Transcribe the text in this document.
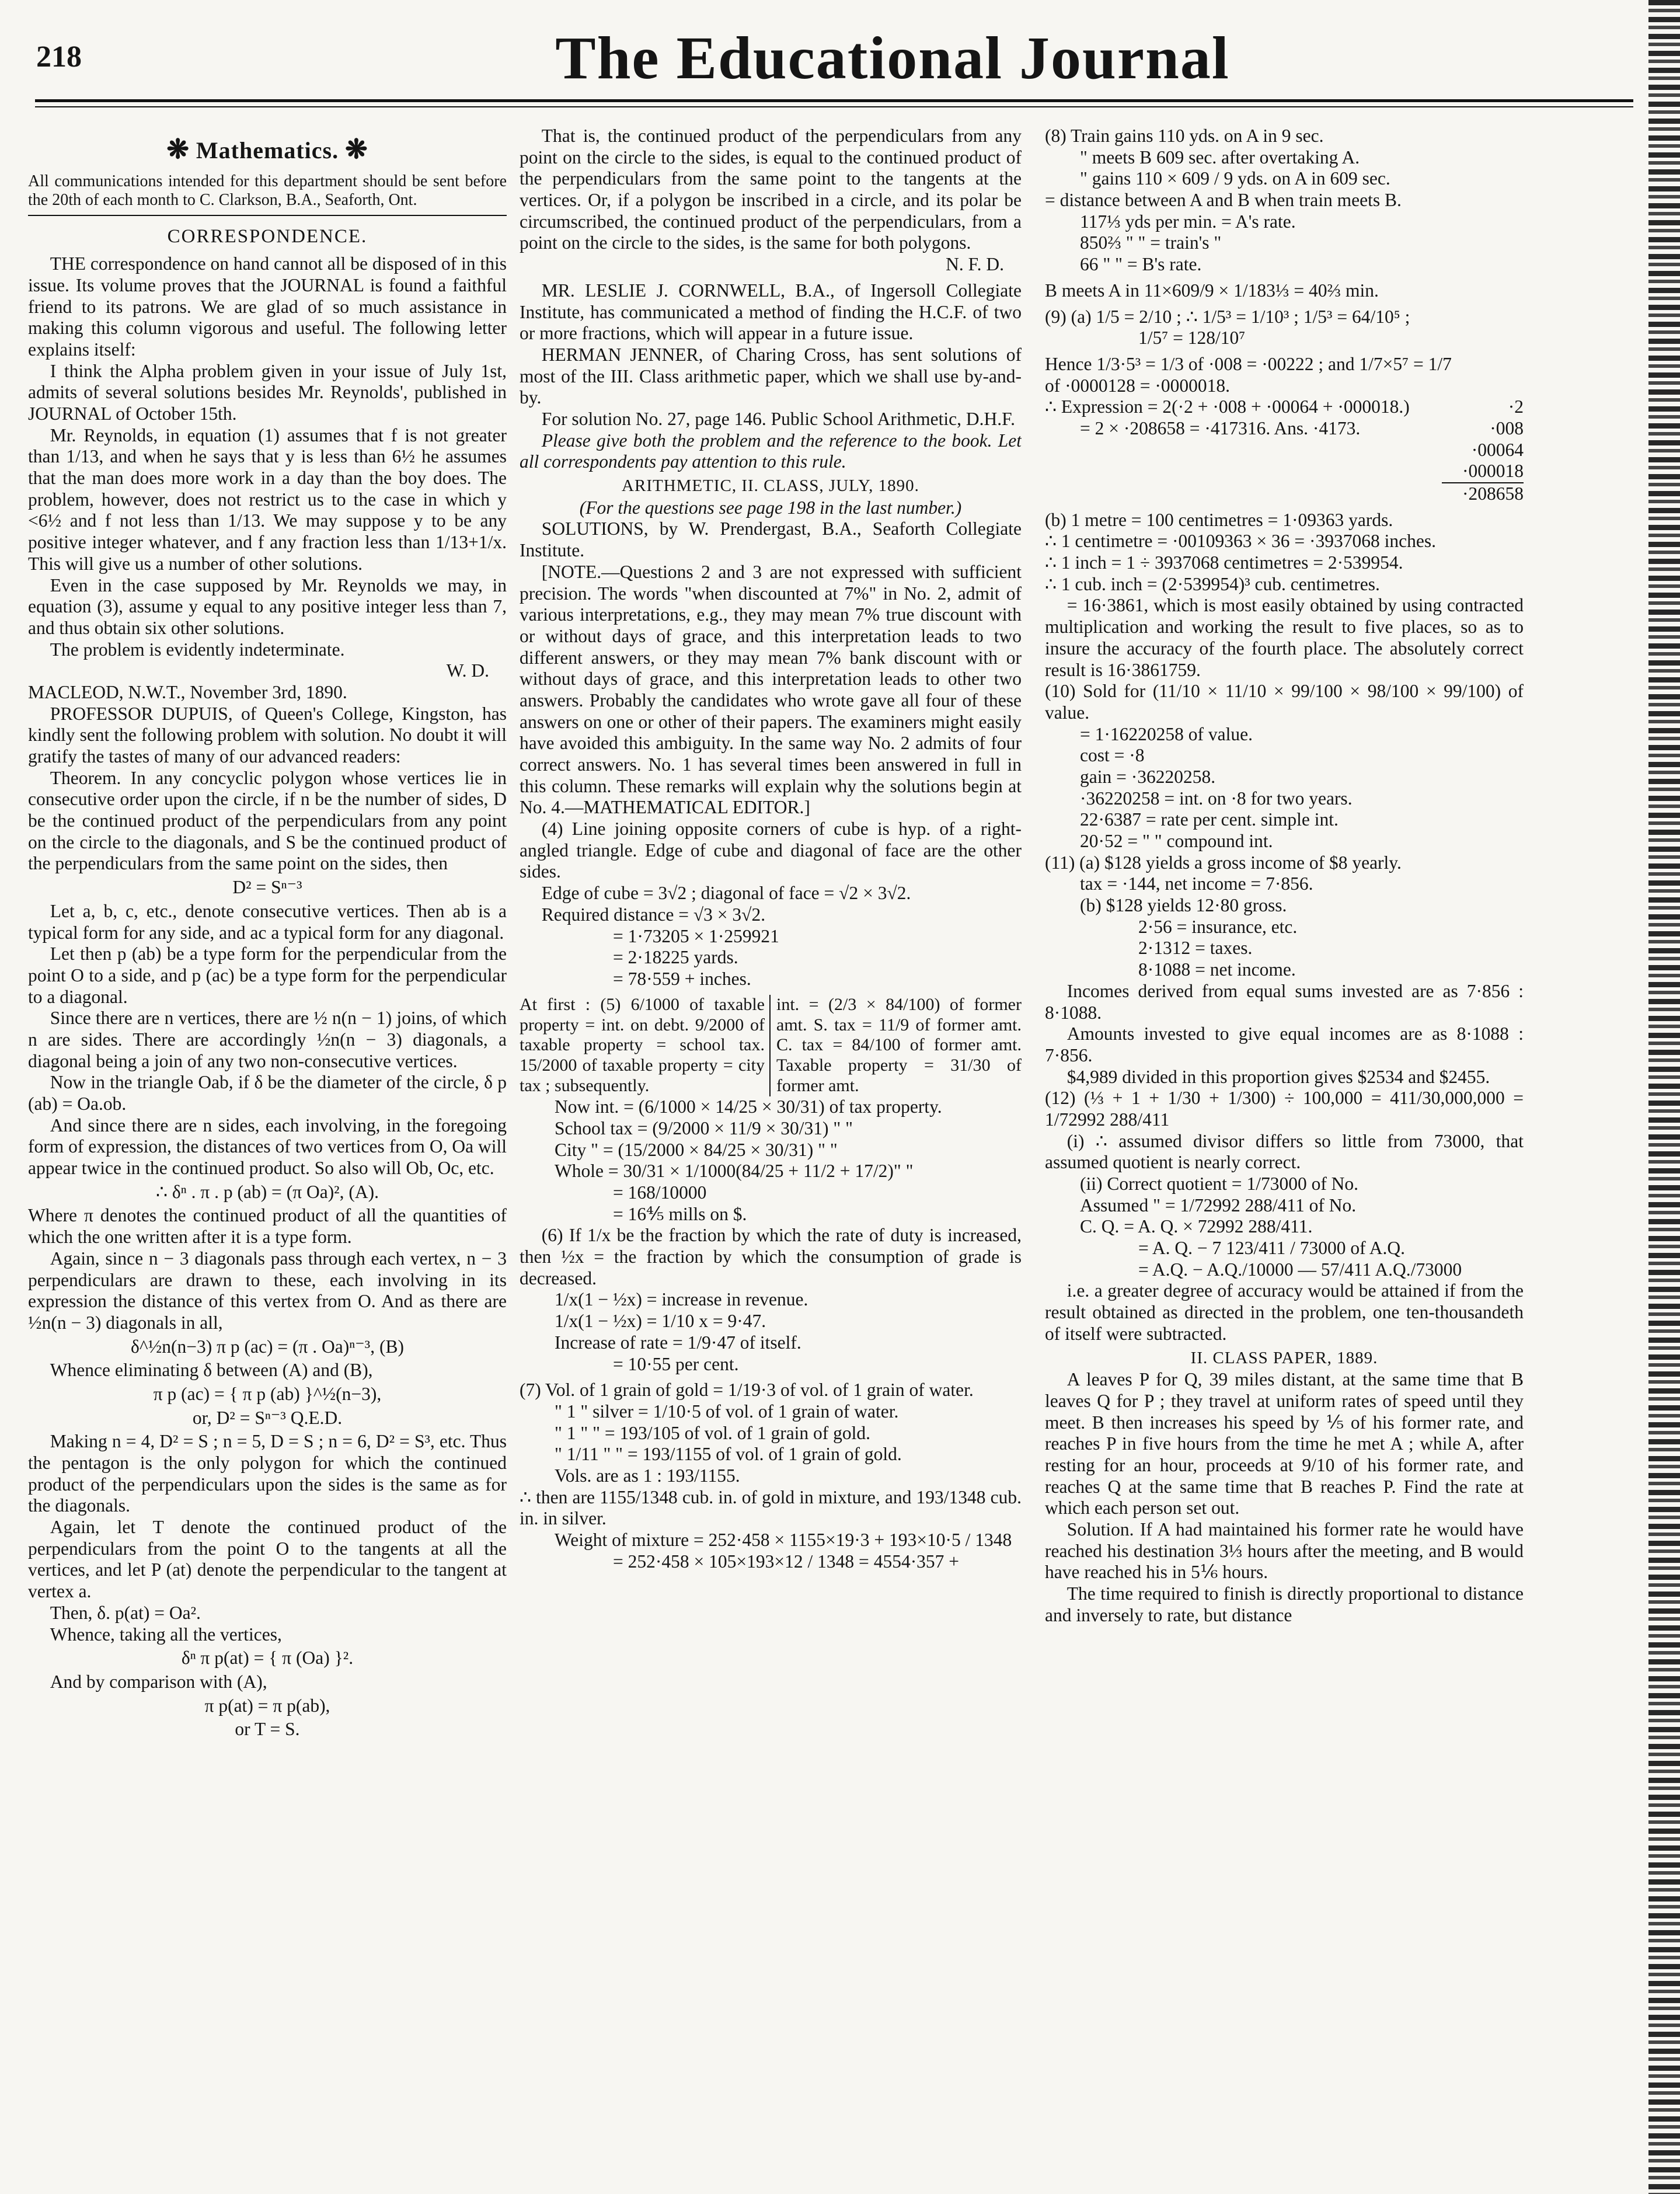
218	The Educational Journal
❋ Mathematics. ❋
All communications intended for this department should be sent before the 20th of each month to C. Clarkson, B.A., Seaforth, Ont.
CORRESPONDENCE.

THE correspondence on hand cannot all be disposed of in this issue. Its volume proves that the JOURNAL is found a faithful friend to its patrons. We are glad of so much assistance in making this column vigorous and useful. The following letter explains itself:

I think the Alpha problem given in your issue of July 1st, admits of several solutions besides Mr. Reynolds', published in JOURNAL of October 15th.

Mr. Reynolds, in equation (1) assumes that f is not greater than 1/13, and when he says that y is less than 6½ he assumes that the man does more work in a day than the boy does. The problem, however, does not restrict us to the case in which y <6½ and f not less than 1/13. We may suppose y to be any positive integer whatever, and f any fraction less than 1/13+1/x. This will give us a number of other solutions.

Even in the case supposed by Mr. Reynolds we may, in equation (3), assume y equal to any positive integer less than 7, and thus obtain six other solutions.

The problem is evidently indeterminate.

W. D.

MACLEOD, N.W.T., November 3rd, 1890.

PROFESSOR DUPUIS, of Queen's College, Kingston, has kindly sent the following problem with solution. No doubt it will gratify the tastes of many of our advanced readers:

Theorem. In any concyclic polygon whose vertices lie in consecutive order upon the circle, if n be the number of sides, D be the continued product of the perpendiculars from any point on the circle to the diagonals, and S be the continued product of the perpendiculars from the same point on the sides, then

D² = Sⁿ⁻³

Let a, b, c, etc., denote consecutive vertices. Then ab is a typical form for any side, and ac a typical form for any diagonal.

Let then p (ab) be a type form for the perpendicular from the point O to a side, and p (ac) be a type form for the perpendicular to a diagonal.

Since there are n vertices, there are ½ n(n − 1) joins, of which n are sides. There are accordingly ½n(n − 3) diagonals, a diagonal being a join of any two non-consecutive vertices.

Now in the triangle Oab, if δ be the diameter of the circle, δ p (ab) = Oa.ob.

And since there are n sides, each involving, in the foregoing form of expression, the distances of two vertices from O, Oa will appear twice in the continued product. So also will Ob, Oc, etc.

∴ δⁿ . π . p (ab) = (π Oa)², (A).

Where π denotes the continued product of all the quantities of which the one written after it is a type form.

Again, since n − 3 diagonals pass through each vertex, n − 3 perpendiculars are drawn to these, each involving in its expression the distance of this vertex from O. And as there are ½n(n − 3) diagonals in all,

δ^½n(n−3) π p (ac) = (π . Oa)ⁿ⁻³, (B)

Whence eliminating δ between (A) and (B),

π p (ac) = { π p (ab) }^½(n−3),
or, D² = Sⁿ⁻³ Q.E.D.

Making n = 4, D² = S ; n = 5, D = S ; n = 6, D² = S³, etc. Thus the pentagon is the only polygon for which the continued product of the perpendiculars upon the sides is the same as for the diagonals.

Again, let T denote the continued product of the perpendiculars from the point O to the tangents at all the vertices, and let P (at) denote the perpendicular to the tangent at vertex a.

Then, δ. p(at) = Oa².

Whence, taking all the vertices,

δⁿ π p(at) = { π (Oa) }².

And by comparison with (A),

π p(at) = π p(ab),
or T = S.

That is, the continued product of the perpendiculars from any point on the circle to the sides, is equal to the continued product of the perpendiculars from the same point to the tangents at the vertices. Or, if a polygon be inscribed in a circle, and its polar be circumscribed, the continued product of the perpendiculars, from a point on the circle to the sides, is the same for both polygons.

N. F. D.

MR. LESLIE J. CORNWELL, B.A., of Ingersoll Collegiate Institute, has communicated a method of finding the H.C.F. of two or more fractions, which will appear in a future issue.

HERMAN JENNER, of Charing Cross, has sent solutions of most of the III. Class arithmetic paper, which we shall use by-and-by.

For solution No. 27, page 146. Public School Arithmetic, D.H.F.

Please give both the problem and the reference to the book. Let all correspondents pay attention to this rule.

ARITHMETIC, II. CLASS, JULY, 1890.
(For the questions see page 198 in the last number.)

SOLUTIONS, by W. Prendergast, B.A., Seaforth Collegiate Institute.

[NOTE.—Questions 2 and 3 are not expressed with sufficient precision. The words "when discounted at 7%" in No. 2, admit of various interpretations, e.g., they may mean 7% true discount with or without days of grace, and this interpretation leads to two different answers, or they may mean 7% bank discount with or without days of grace, and this interpretation leads to other two answers. Probably the candidates who wrote gave all four of these answers on one or other of their papers. The examiners might easily have avoided this ambiguity. In the same way No. 2 admits of four correct answers. No. 1 has several times been answered in full in this column. These remarks will explain why the solutions begin at No. 4.—MATHEMATICAL EDITOR.]

(4) Line joining opposite corners of cube is hyp. of a right-angled triangle. Edge of cube and diagonal of face are the other sides.

Edge of cube = 3√2 ; diagonal of face = √2 × 3√2.

Required distance = √3 × 3√2.

= 1·73205 × 1·259921
= 2·18225 yards.
= 78·559 + inches.
At first : (5) 6/1000 of taxable property = int. on debt. 9/2000 of taxable property = school tax. 15/2000 of taxable property = city tax ; subsequently.
int. = (2/3 × 84/100) of former amt. S. tax = 11/9 of former amt. C. tax = 84/100 of former amt. Taxable property = 31/30 of former amt.
Now int. = (6/1000 × 14/25 × 30/31) of tax property.
School tax = (9/2000 × 11/9 × 30/31) " "
City " = (15/2000 × 84/25 × 30/31) " "
Whole = 30/31 × 1/1000(84/25 + 11/2 + 17/2)" "
= 168/10000
= 16⅘ mills on $.

(6) If 1/x be the fraction by which the rate of duty is increased, then ½x = the fraction by which the consumption of grade is decreased.

1/x(1 − ½x) = increase in revenue.
1/x(1 − ½x) = 1/10 x = 9·47.
Increase of rate = 1/9·47 of itself.
= 10·55 per cent.
(7) Vol. of 1 grain of gold = 1/19·3 of vol. of 1 grain of water.
" 1 " silver = 1/10·5 of vol. of 1 grain of water.
" 1 " " = 193/105 of vol. of 1 grain of gold.
" 1/11 " " = 193/1155 of vol. of 1 grain of gold.
Vols. are as 1 : 193/1155.
∴ then are 1155/1348 cub. in. of gold in mixture, and 193/1348 cub. in. in silver.
Weight of mixture = 252·458 × 1155×19·3 + 193×10·5 / 1348
= 252·458 × 105×193×12 / 1348 = 4554·357 +
(8) Train gains 110 yds. on A in 9 sec.
" meets B 609 sec. after overtaking A.
" gains 110 × 609 / 9 yds. on A in 609 sec.
= distance between A and B when train meets B.
117⅓ yds per min. = A's rate.
850⅔ " " = train's "
66 " " = B's rate.
B meets A in 11×609/9 × 1/183⅓ = 40⅔ min.
(9) (a) 1/5 = 2/10 ; ∴ 1/5³ = 1/10³ ; 1/5³ = 64/10⁵ ;
1/5⁷ = 128/10⁷
Hence 1/3·5³ = 1/3 of ·008 = ·00222 ; and 1/7×5⁷ = 1/7
of ·0000128 = ·0000018.
∴ Expression = 2(·2 + ·008 + ·00064 + ·000018.)
= 2 × ·208658 = ·417316. Ans. ·4173.
·2
·008
·00064
·000018
·208658
(b) 1 metre = 100 centimetres = 1·09363 yards.
∴ 1 centimetre = ·00109363 × 36 = ·3937068 inches.
∴ 1 inch = 1 ÷ 3937068 centimetres = 2·539954.
∴ 1 cub. inch = (2·539954)³ cub. centimetres.

= 16·3861, which is most easily obtained by using contracted multiplication and working the result to five places, so as to insure the accuracy of the fourth place. The absolutely correct result is 16·3861759.

(10) Sold for (11/10 × 11/10 × 99/100 × 98/100 × 99/100) of value.
= 1·16220258 of value.
cost = ·8
gain = ·36220258.
·36220258 = int. on ·8 for two years.
22·6387 = rate per cent. simple int.
20·52 = " " compound int.
(11) (a) $128 yields a gross income of $8 yearly.
tax = ·144, net income = 7·856.
(b) $128 yields 12·80 gross.
2·56 = insurance, etc.
2·1312 = taxes.
8·1088 = net income.

Incomes derived from equal sums invested are as 7·856 : 8·1088.

Amounts invested to give equal incomes are as 8·1088 : 7·856.

$4,989 divided in this proportion gives $2534 and $2455.

(12) (⅓ + 1 + 1/30 + 1/300) ÷ 100,000 = 411/30,000,000 = 1/72992 288/411

(i) ∴ assumed divisor differs so little from 73000, that assumed quotient is nearly correct.

(ii) Correct quotient = 1/73000 of No.
Assumed " = 1/72992 288/411 of No.
C. Q. = A. Q. × 72992 288/411.
= A. Q. − 7 123/411 / 73000 of A.Q.
= A.Q. − A.Q./10000 — 57/411 A.Q./73000

i.e. a greater degree of accuracy would be attained if from the result obtained as directed in the problem, one ten-thousandeth of itself were subtracted.

II. CLASS PAPER, 1889.

A leaves P for Q, 39 miles distant, at the same time that B leaves Q for P ; they travel at uniform rates of speed until they meet. B then increases his speed by ⅕ of his former rate, and reaches P in five hours from the time he met A ; while A, after resting for an hour, proceeds at 9/10 of his former rate, and reaches Q at the same time that B reaches P. Find the rate at which each person set out.

Solution. If A had maintained his former rate he would have reached his destination 3⅓ hours after the meeting, and B would have reached his in 5⅙ hours.

The time required to finish is directly proportional to distance and inversely to rate, but distance
